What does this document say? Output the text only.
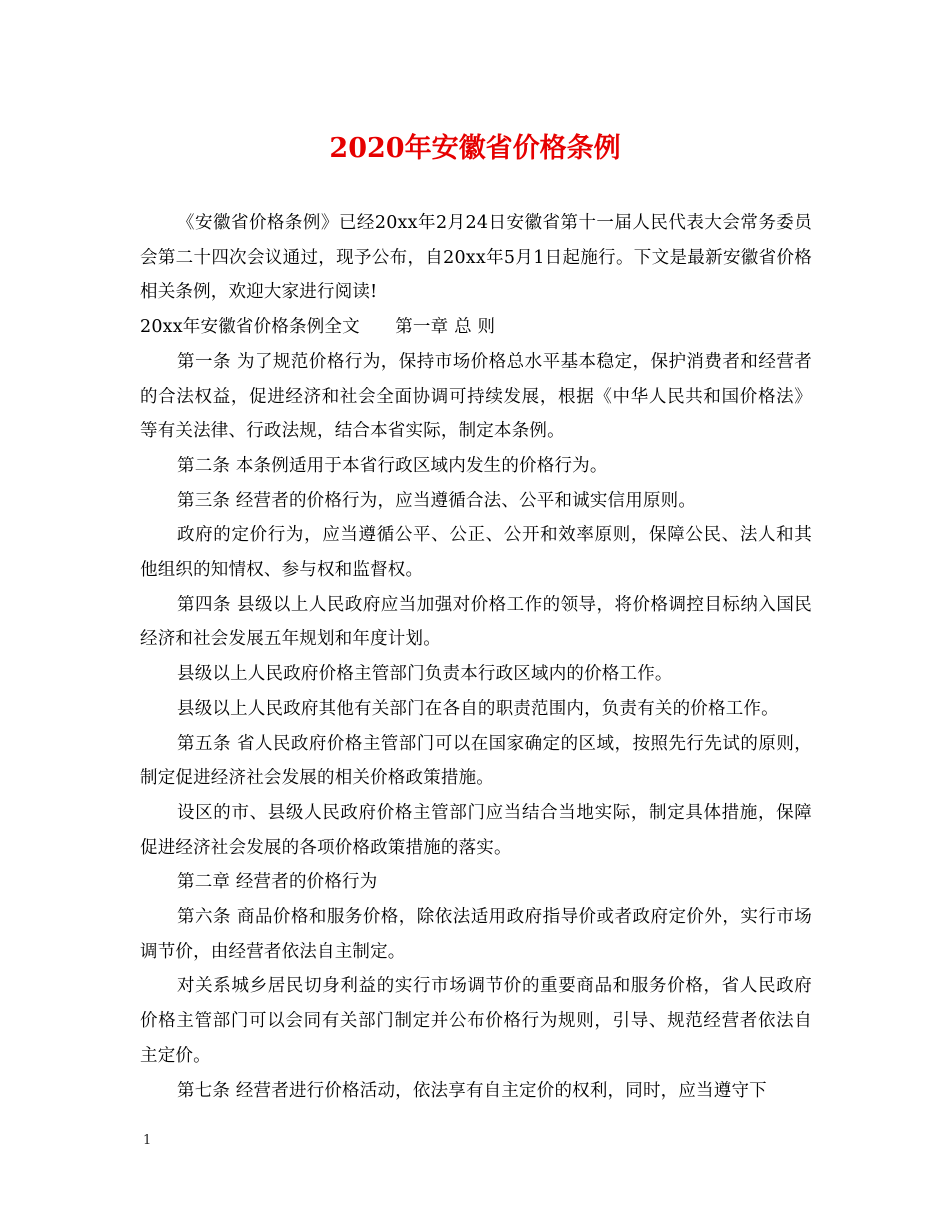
2020年安徽省价格条例

《安徽省价格条例》已经20xx年2月24日安徽省第十一届人民代表大会常务委员会第二十四次会议通过，现予公布，自20xx年5月1日起施行。下文是最新安徽省价格相关条例，欢迎大家进行阅读!

20xx年安徽省价格条例全文　　第一章 总 则

第一条 为了规范价格行为，保持市场价格总水平基本稳定，保护消费者和经营者的合法权益，促进经济和社会全面协调可持续发展，根据《中华人民共和国价格法》等有关法律、行政法规，结合本省实际，制定本条例。

第二条 本条例适用于本省行政区域内发生的价格行为。

第三条 经营者的价格行为，应当遵循合法、公平和诚实信用原则。

政府的定价行为，应当遵循公平、公正、公开和效率原则，保障公民、法人和其他组织的知情权、参与权和监督权。

第四条 县级以上人民政府应当加强对价格工作的领导，将价格调控目标纳入国民经济和社会发展五年规划和年度计划。

县级以上人民政府价格主管部门负责本行政区域内的价格工作。

县级以上人民政府其他有关部门在各自的职责范围内，负责有关的价格工作。

第五条 省人民政府价格主管部门可以在国家确定的区域，按照先行先试的原则，制定促进经济社会发展的相关价格政策措施。

设区的市、县级人民政府价格主管部门应当结合当地实际，制定具体措施，保障促进经济社会发展的各项价格政策措施的落实。

第二章 经营者的价格行为

第六条 商品价格和服务价格，除依法适用政府指导价或者政府定价外，实行市场调节价，由经营者依法自主制定。

对关系城乡居民切身利益的实行市场调节价的重要商品和服务价格，省人民政府价格主管部门可以会同有关部门制定并公布价格行为规则，引导、规范经营者依法自主定价。

第七条 经营者进行价格活动，依法享有自主定价的权利，同时，应当遵守下

1
